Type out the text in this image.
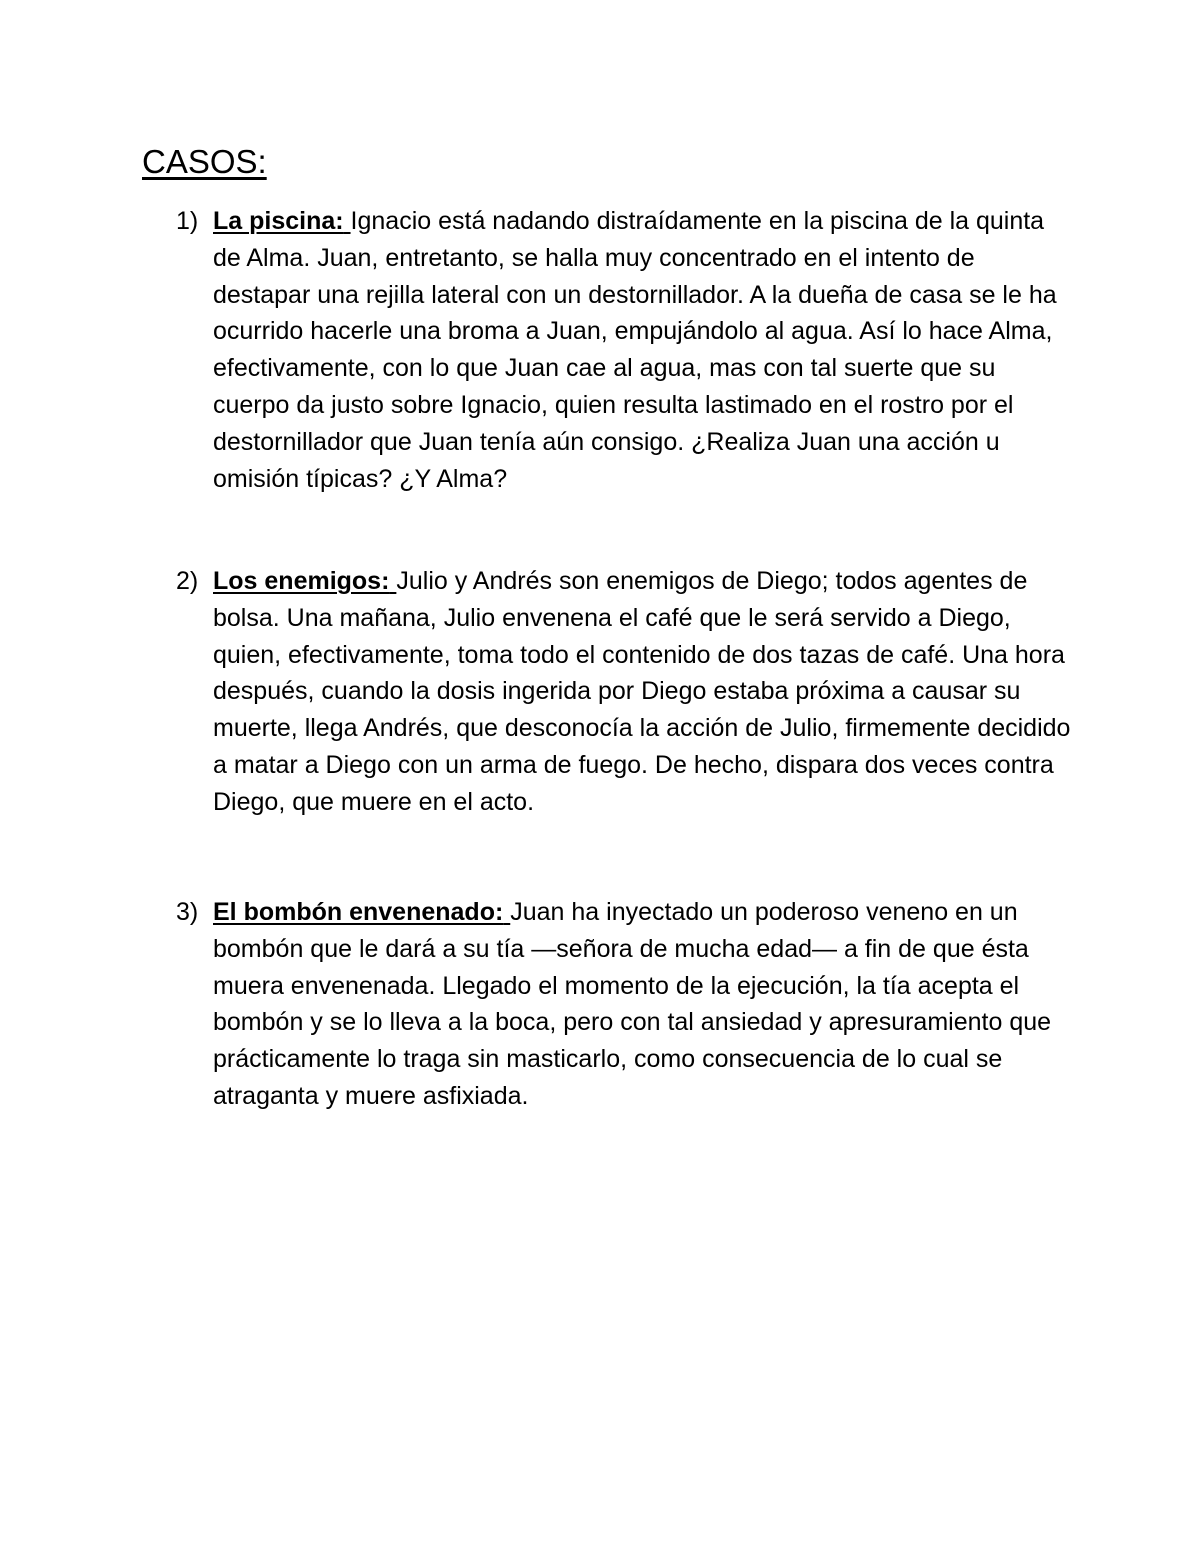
CASOS:
1) La piscina: Ignacio está nadando distraídamente en la piscina de la quinta de Alma. Juan, entretanto, se halla muy concentrado en el intento de destapar una rejilla lateral con un destornillador. A la dueña de casa se le ha ocurrido hacerle una broma a Juan, empujándolo al agua. Así lo hace Alma, efectivamente, con lo que Juan cae al agua, mas con tal suerte que su cuerpo da justo sobre Ignacio, quien resulta lastimado en el rostro por el destornillador que Juan tenía aún consigo. ¿Realiza Juan una acción u omisión típicas? ¿Y Alma?
2) Los enemigos: Julio y Andrés son enemigos de Diego; todos agentes de bolsa. Una mañana, Julio envenena el café que le será servido a Diego, quien, efectivamente, toma todo el contenido de dos tazas de café. Una hora después, cuando la dosis ingerida por Diego estaba próxima a causar su muerte, llega Andrés, que desconocía la acción de Julio, firmemente decidido a matar a Diego con un arma de fuego. De hecho, dispara dos veces contra Diego, que muere en el acto.
3) El bombón envenenado: Juan ha inyectado un poderoso veneno en un bombón que le dará a su tía —señora de mucha edad— a fin de que ésta muera envenenada. Llegado el momento de la ejecución, la tía acepta el bombón y se lo lleva a la boca, pero con tal ansiedad y apresuramiento que prácticamente lo traga sin masticarlo, como consecuencia de lo cual se atraganta y muere asfixiada.
